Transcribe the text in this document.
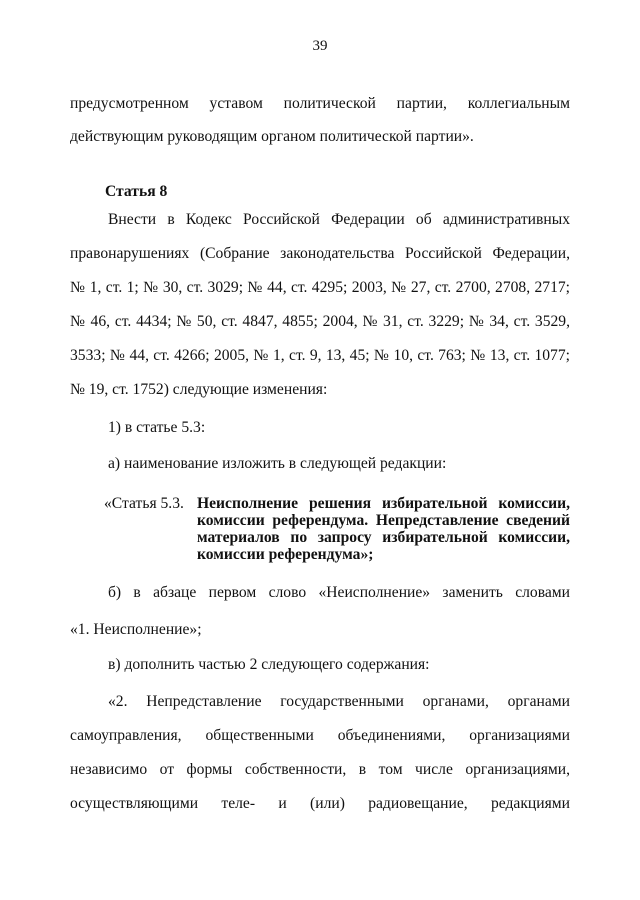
39
предусмотренном уставом политической партии, коллегиальным
действующим руководящим органом политической партии».
Статья 8
Внести в Кодекс Российской Федерации об административных
правонарушениях (Собрание законодательства Российской Федерации,
№ 1, ст. 1; № 30, ст. 3029; № 44, ст. 4295; 2003, № 27, ст. 2700, 2708, 2717;
№ 46, ст. 4434; № 50, ст. 4847, 4855; 2004, № 31, ст. 3229; № 34, ст. 3529,
3533; № 44, ст. 4266; 2005, № 1, ст. 9, 13, 45; № 10, ст. 763; № 13, ст. 1077;
№ 19, ст. 1752) следующие изменения:
1) в статье 5.3:
а) наименование изложить в следующей редакции:
«Статья 5.3. Неисполнение решения избирательной комиссии,
комиссии референдума. Непредставление сведений
материалов по запросу избирательной комиссии,
комиссии референдума»;
б) в абзаце первом слово «Неисполнение» заменить словами
«1. Неисполнение»;
в) дополнить частью 2 следующего содержания:
«2. Непредставление государственными органами, органами
самоуправления, общественными объединениями, организациями
независимо от формы собственности, в том числе организациями,
осуществляющими теле- и (или) радиовещание, редакциями
